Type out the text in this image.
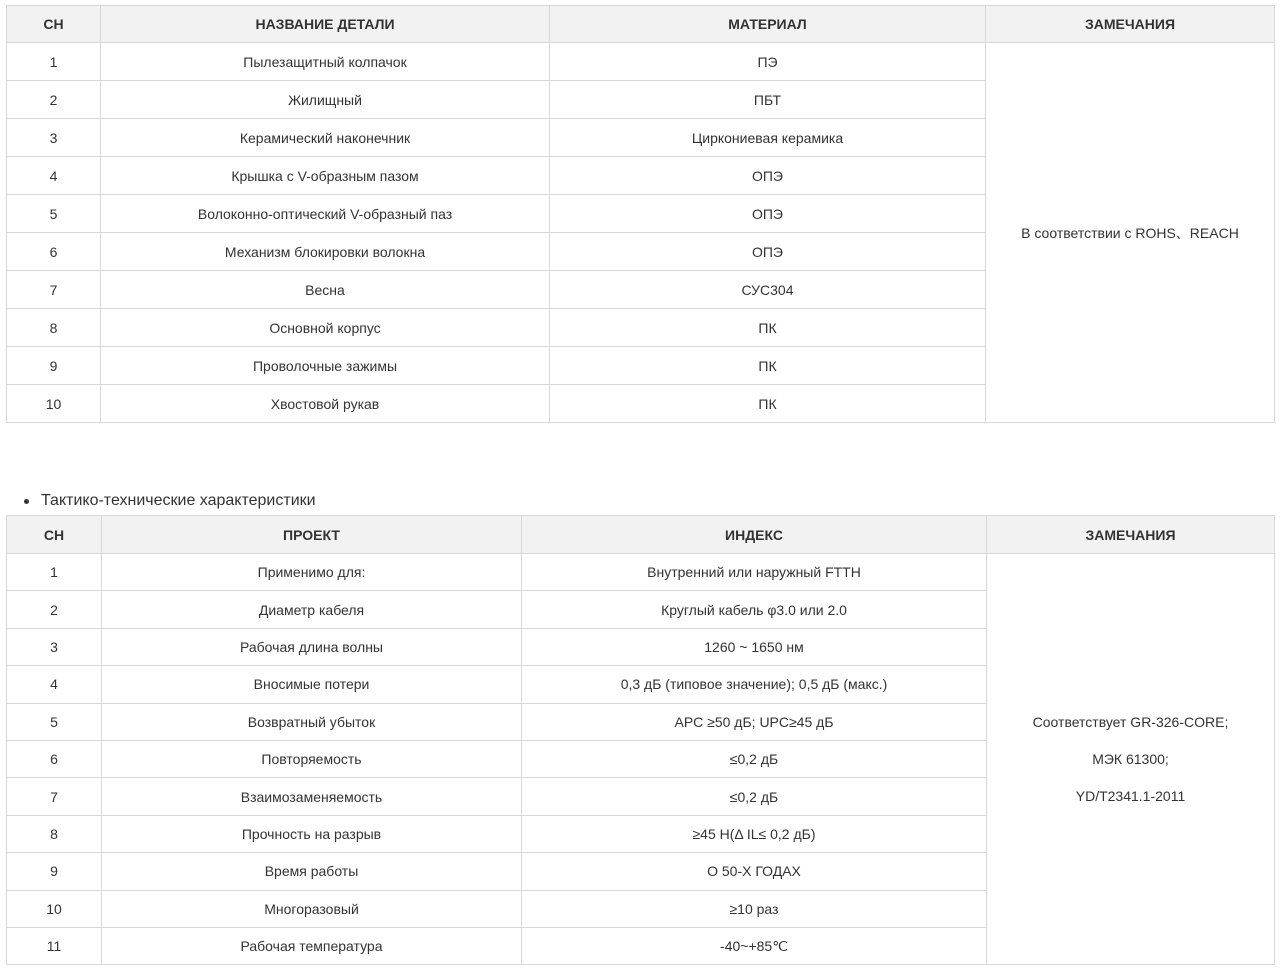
СН	НАЗВАНИЕ ДЕТАЛИ	МАТЕРИАЛ	ЗАМЕЧАНИЯ
1	Пылезащитный колпачок	ПЭ	В соответствии с ROHS、REACH
2	Жилищный	ПБТ	
3	Керамический наконечник	Циркониевая керамика	
4	Крышка с V-образным пазом	ОПЭ	
5	Волоконно-оптический V-образный паз	ОПЭ	
6	Механизм блокировки волокна	ОПЭ	
7	Весна	СУС304	
8	Основной корпус	ПК	
9	Проволочные зажимы	ПК	
10	Хвостовой рукав	ПК	
Тактико-технические характеристики
СН	ПРОЕКТ	ИНДЕКС	ЗАМЕЧАНИЯ
1	Применимо для:	Внутренний или наружный FTTH	Соответствует GR-326-CORE;
МЭК 61300;
YD/T2341.1-2011

2	Диаметр кабеля	Круглый кабель φ3.0 или 2.0	
3	Рабочая длина волны	1260 ~ 1650 нм	
4	Вносимые потери	0,3 дБ (типовое значение); 0,5 дБ (макс.)	
5	Возвратный убыток	APC ≥50 дБ; UPC≥45 дБ	
6	Повторяемость	≤0,2 дБ	
7	Взаимозаменяемость	≤0,2 дБ	
8	Прочность на разрыв	≥45 Н(Δ IL≤ 0,2 дБ)	
9	Время работы	О 50-Х ГОДАХ	
10	Многоразовый	≥10 раз	
11	Рабочая температура	-40~+85℃	
